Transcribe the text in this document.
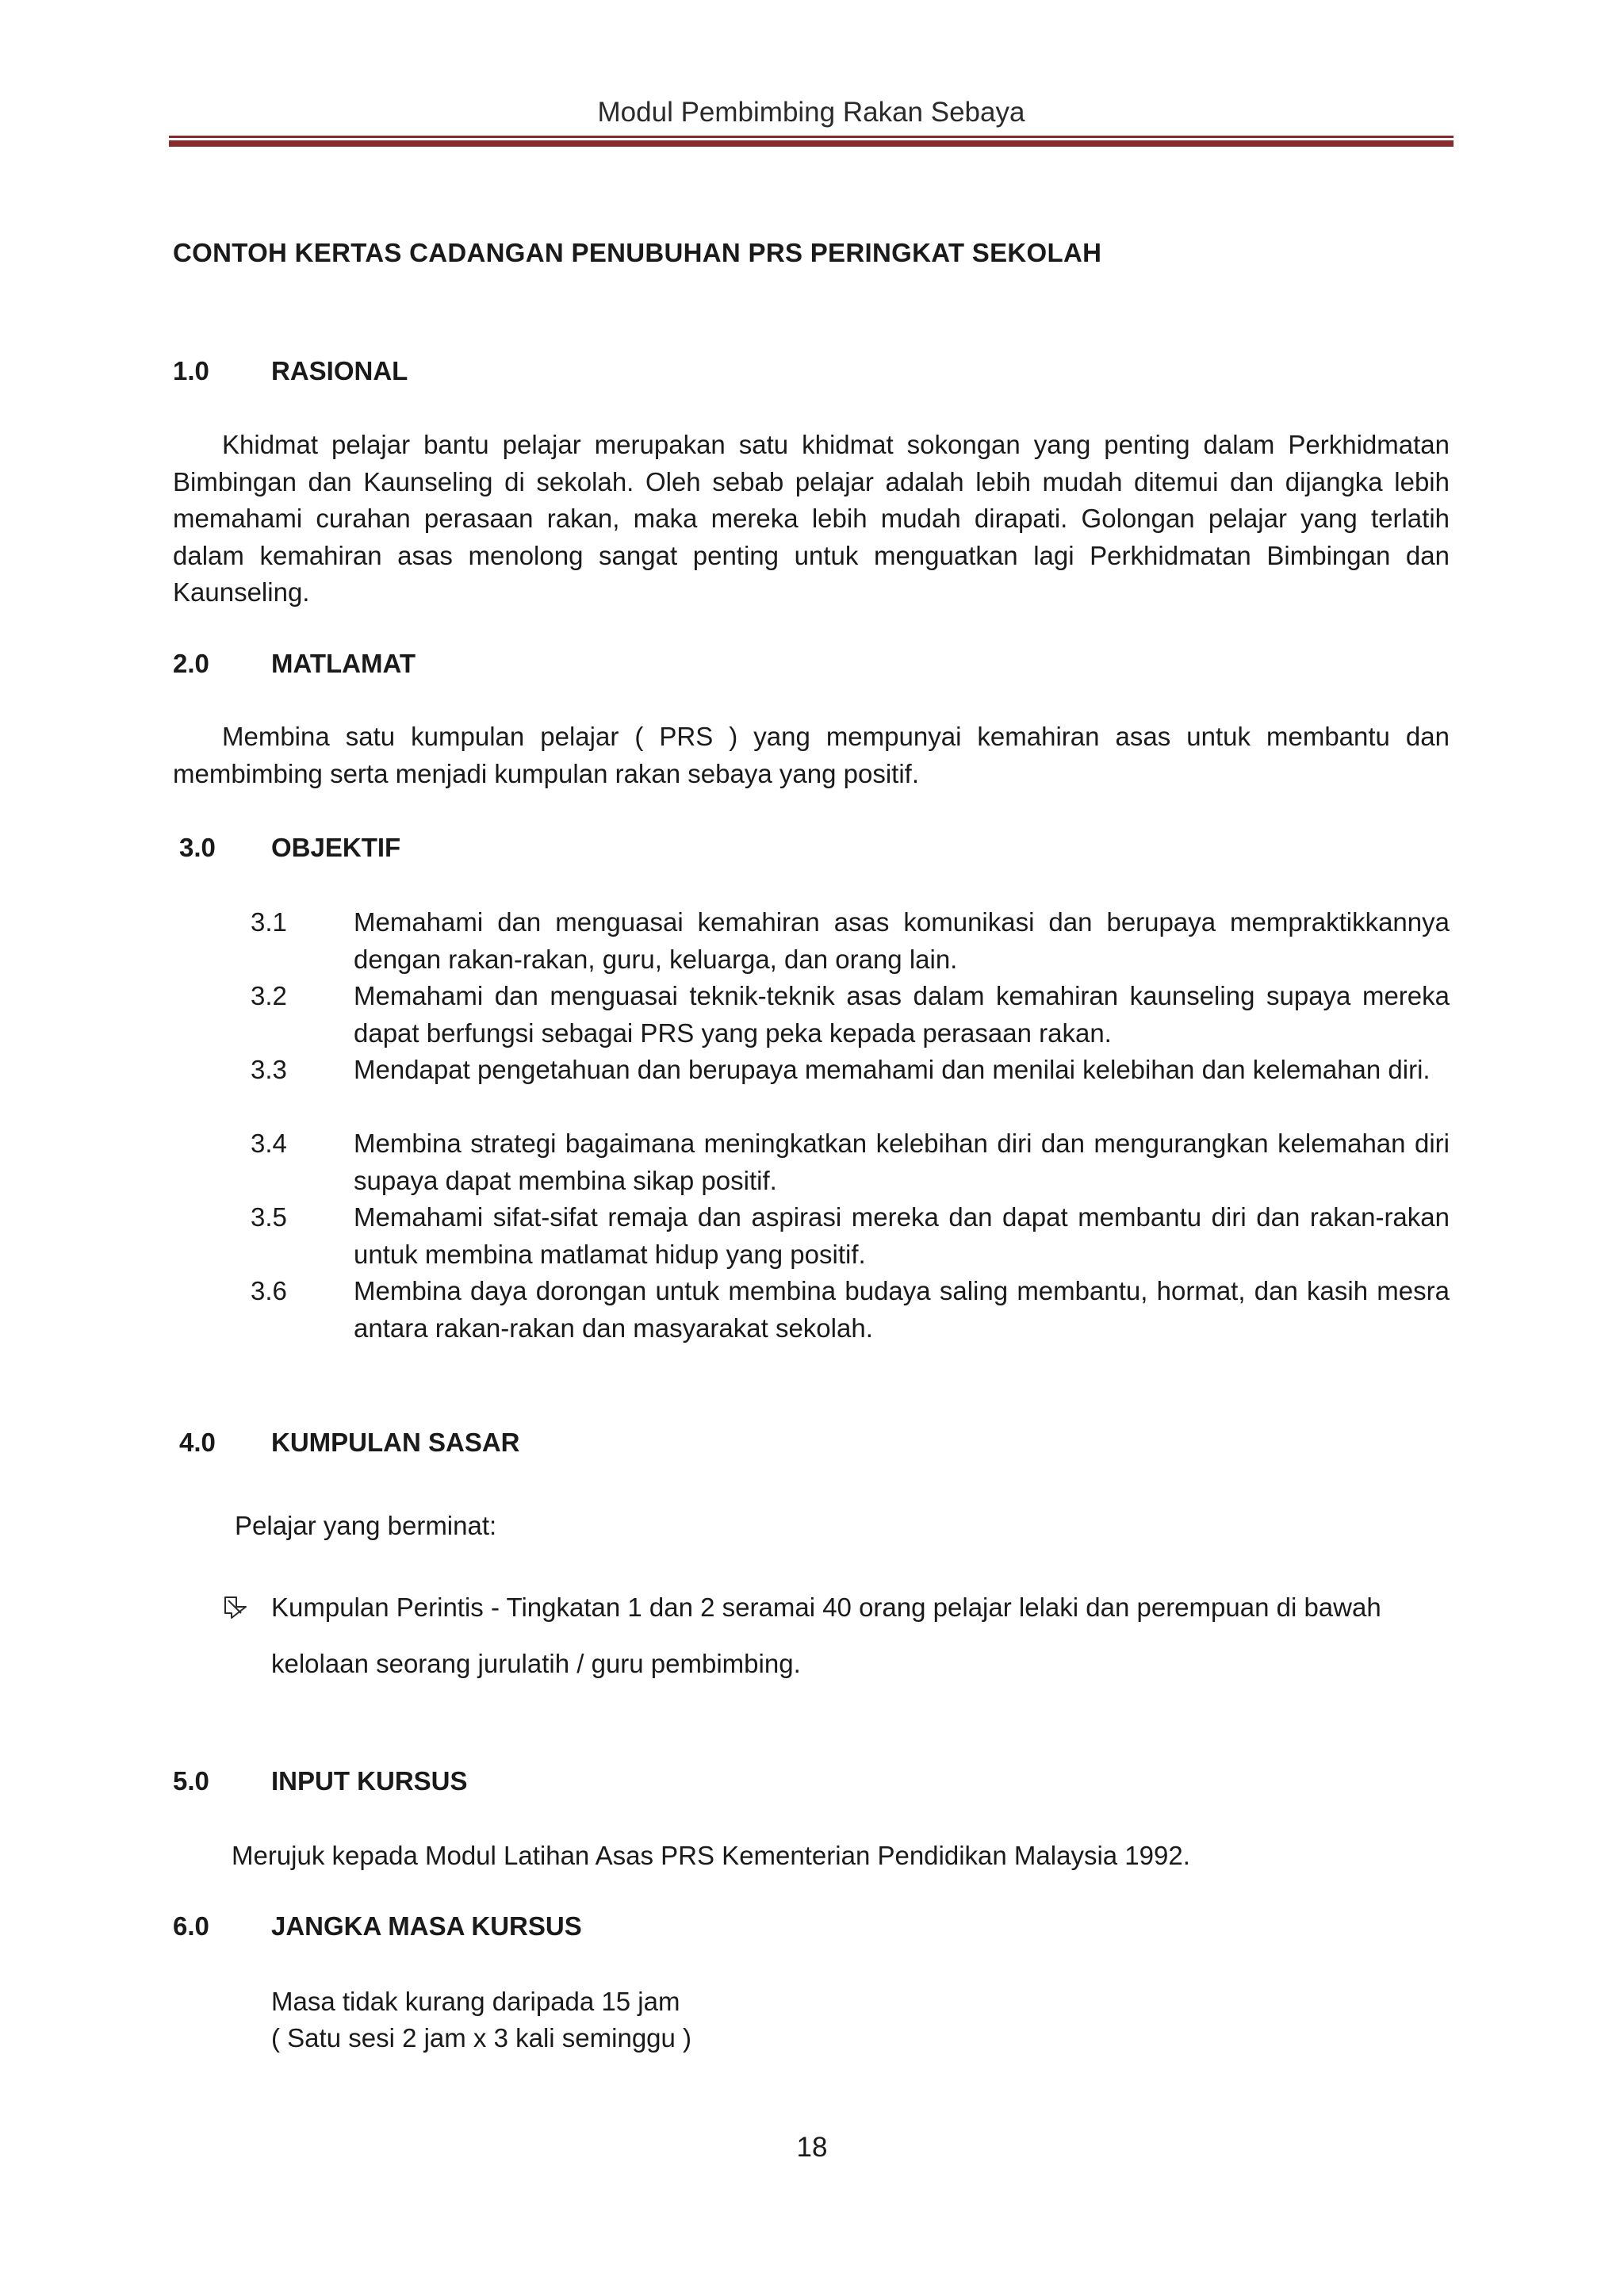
Modul Pembimbing Rakan Sebaya
CONTOH KERTAS CADANGAN PENUBUHAN PRS PERINGKAT SEKOLAH
1.0 RASIONAL
Khidmat pelajar bantu pelajar merupakan satu khidmat sokongan yang penting dalam Perkhidmatan Bimbingan dan Kaunseling di sekolah. Oleh sebab pelajar adalah lebih mudah ditemui dan dijangka lebih memahami curahan perasaan rakan, maka mereka lebih mudah dirapati. Golongan pelajar yang terlatih dalam kemahiran asas menolong sangat penting untuk menguatkan lagi Perkhidmatan Bimbingan dan Kaunseling.
2.0 MATLAMAT
Membina satu kumpulan pelajar ( PRS ) yang mempunyai kemahiran asas untuk membantu dan membimbing serta menjadi kumpulan rakan sebaya yang positif.
3.0 OBJEKTIF
3.1	Memahami dan menguasai kemahiran asas komunikasi dan berupaya mempraktikkannya dengan rakan-rakan, guru, keluarga, dan orang lain.
3.2	Memahami dan menguasai teknik-teknik asas dalam kemahiran kaunseling supaya mereka dapat berfungsi sebagai PRS yang peka kepada perasaan rakan.
3.3	Mendapat pengetahuan dan berupaya memahami dan menilai kelebihan dan kelemahan diri.
3.4	Membina strategi bagaimana meningkatkan kelebihan diri dan mengurangkan kelemahan diri supaya dapat membina sikap positif.
3.5	Memahami sifat-sifat remaja dan aspirasi mereka dan dapat membantu diri dan rakan-rakan untuk membina matlamat hidup yang positif.
3.6	Membina daya dorongan untuk membina budaya saling membantu, hormat, dan kasih mesra antara rakan-rakan dan masyarakat sekolah.
4.0 KUMPULAN SASAR
Pelajar yang berminat:
Kumpulan Perintis - Tingkatan 1 dan 2 seramai 40 orang pelajar lelaki dan perempuan di bawah
kelolaan seorang jurulatih / guru pembimbing.
5.0 INPUT KURSUS
Merujuk kepada Modul Latihan Asas PRS Kementerian Pendidikan Malaysia 1992.
6.0 JANGKA MASA KURSUS
Masa tidak kurang daripada 15 jam
( Satu sesi 2 jam x 3 kali seminggu )
18
